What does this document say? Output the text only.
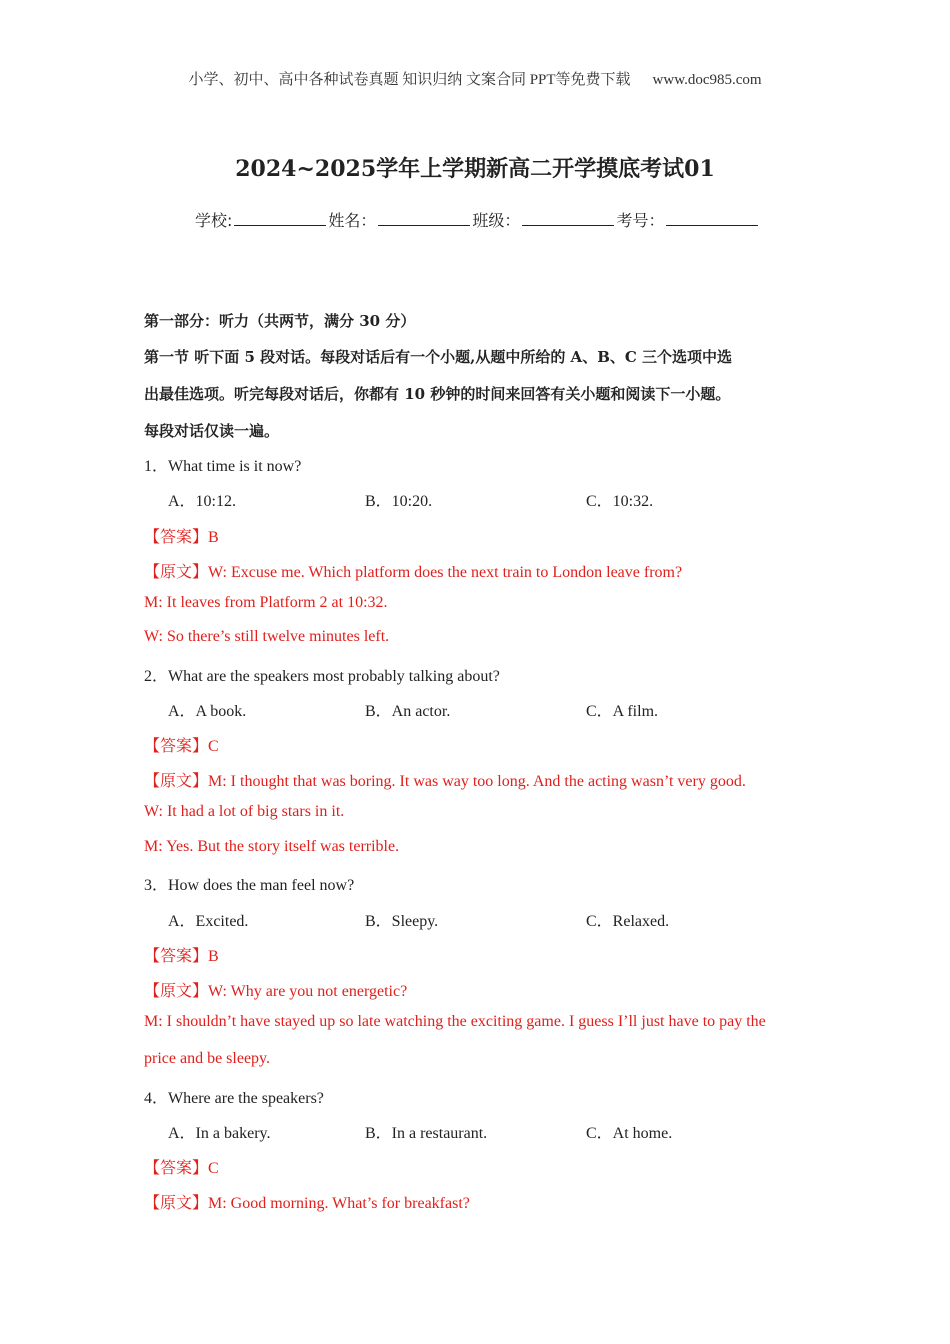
小学、初中、高中各种试卷真题 知识归纳 文案合同 PPT等免费下载 www.doc985.com
2024~2025学年上学期新高二开学摸底考试01
学校:	姓名：	班级：	考号：
第一部分：听力（共两节，满分 30 分）
第一节 听下面 5 段对话。每段对话后有一个小题,从题中所给的 A、B、C 三个选项中选
出最佳选项。听完每段对话后，你都有 10 秒钟的时间来回答有关小题和阅读下一小题。
每段对话仅读一遍。
1．What time is it now?
A．10:12.	B．10:20.	C．10:32.
【答案】B
【原文】W: Excuse me. Which platform does the next train to London leave from?
M: It leaves from Platform 2 at 10:32.
W: So there’s still twelve minutes left.
2．What are the speakers most probably talking about?
A．A book.	B．An actor.	C．A film.
【答案】C
【原文】M: I thought that was boring. It was way too long. And the acting wasn’t very good.
W: It had a lot of big stars in it.
M: Yes. But the story itself was terrible.
3．How does the man feel now?
A．Excited.	B．Sleepy.	C．Relaxed.
【答案】B
【原文】W: Why are you not energetic?
M: I shouldn’t have stayed up so late watching the exciting game. I guess I’ll just have to pay the
price and be sleepy.
4．Where are the speakers?
A．In a bakery.	B．In a restaurant.	C．At home.
【答案】C
【原文】M: Good morning. What’s for breakfast?
